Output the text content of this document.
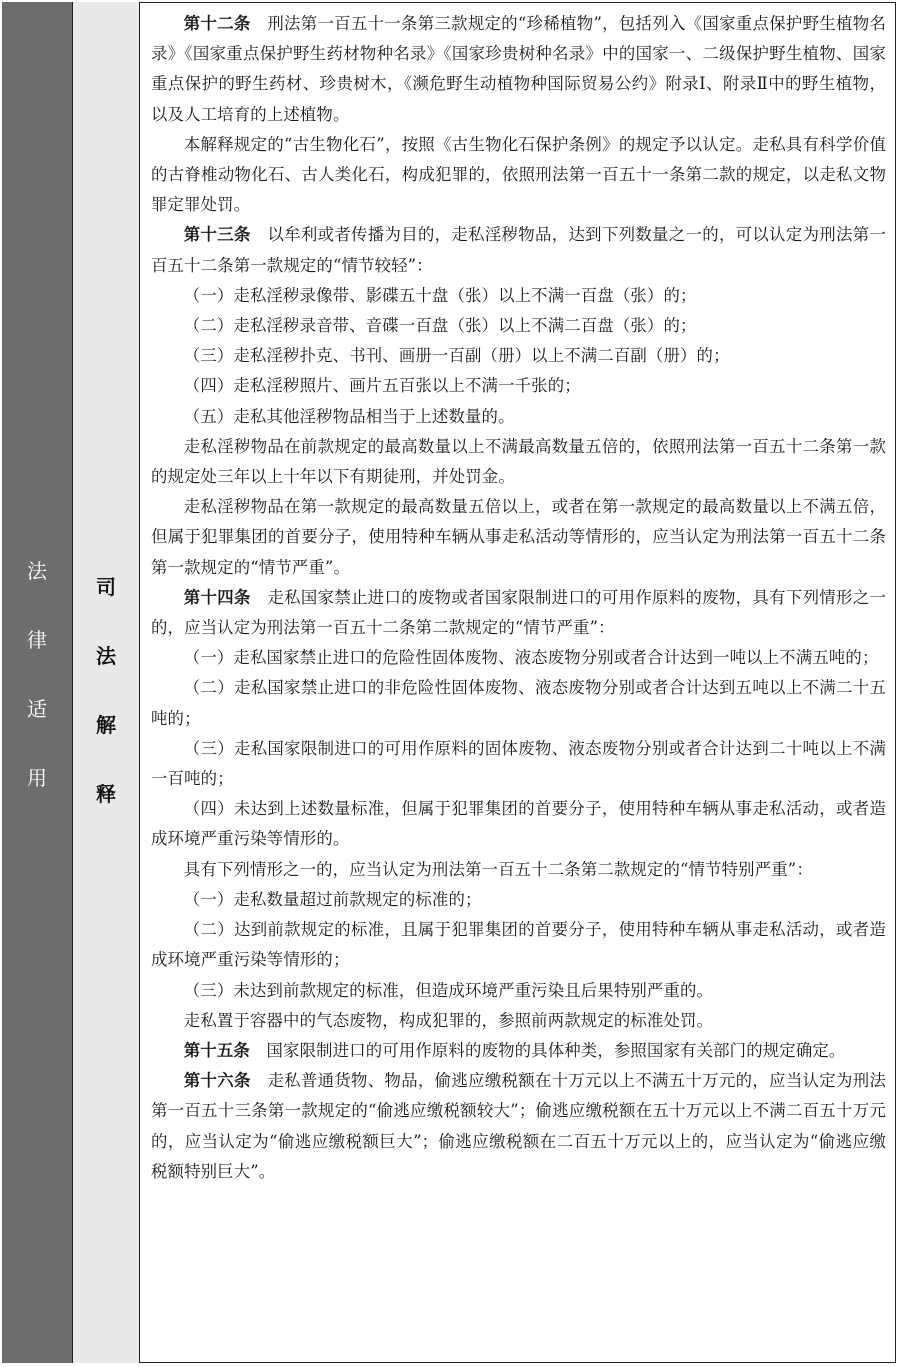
法
律
适
用
司
法
解
释

第十二条　 刑法第一百五十一条第三款规定的“珍稀植物”，包括列入《国家重点保护野生植物名录》《国家重点保护野生药材物种名录》《国家珍贵树种名录》中的国家一、二级保护野生植物、国家重点保护的野生药材、珍贵树木，《濒危野生动植物种国际贸易公约》附录Ⅰ、附录Ⅱ中的野生植物，以及人工培育的上述植物。

本解释规定的“古生物化石”，按照《古生物化石保护条例》的规定予以认定。走私具有科学价值的古脊椎动物化石、古人类化石，构成犯罪的，依照刑法第一百五十一条第二款的规定，以走私文物罪定罪处罚。

第十三条　 以牟利或者传播为目的，走私淫秽物品，达到下列数量之一的，可以认定为刑法第一百五十二条第一款规定的“情节较轻”：

（一）走私淫秽录像带、影碟五十盘（张）以上不满一百盘（张）的；

（二）走私淫秽录音带、音碟一百盘（张）以上不满二百盘（张）的；

（三）走私淫秽扑克、书刊、画册一百副（册）以上不满二百副（册）的；

（四）走私淫秽照片、画片五百张以上不满一千张的；

（五）走私其他淫秽物品相当于上述数量的。

走私淫秽物品在前款规定的最高数量以上不满最高数量五倍的，依照刑法第一百五十二条第一款的规定处三年以上十年以下有期徒刑，并处罚金。

走私淫秽物品在第一款规定的最高数量五倍以上，或者在第一款规定的最高数量以上不满五倍，但属于犯罪集团的首要分子，使用特种车辆从事走私活动等情形的，应当认定为刑法第一百五十二条第一款规定的“情节严重”。

第十四条　 走私国家禁止进口的废物或者国家限制进口的可用作原料的废物，具有下列情形之一的，应当认定为刑法第一百五十二条第二款规定的“情节严重”：

（一）走私国家禁止进口的危险性固体废物、液态废物分别或者合计达到一吨以上不满五吨的；

（二）走私国家禁止进口的非危险性固体废物、液态废物分别或者合计达到五吨以上不满二十五吨的；

（三）走私国家限制进口的可用作原料的固体废物、液态废物分别或者合计达到二十吨以上不满一百吨的；

（四）未达到上述数量标准，但属于犯罪集团的首要分子，使用特种车辆从事走私活动，或者造成环境严重污染等情形的。

具有下列情形之一的，应当认定为刑法第一百五十二条第二款规定的“情节特别严重”：

（一）走私数量超过前款规定的标准的；

（二）达到前款规定的标准，且属于犯罪集团的首要分子，使用特种车辆从事走私活动，或者造成环境严重污染等情形的；

（三）未达到前款规定的标准，但造成环境严重污染且后果特别严重的。

走私置于容器中的气态废物，构成犯罪的，参照前两款规定的标准处罚。

第十五条　 国家限制进口的可用作原料的废物的具体种类，参照国家有关部门的规定确定。

第十六条　 走私普通货物、物品，偷逃应缴税额在十万元以上不满五十万元的，应当认定为刑法第一百五十三条第一款规定的“偷逃应缴税额较大”；偷逃应缴税额在五十万元以上不满二百五十万元的，应当认定为“偷逃应缴税额巨大”；偷逃应缴税额在二百五十万元以上的，应当认定为“偷逃应缴税额特别巨大”。
